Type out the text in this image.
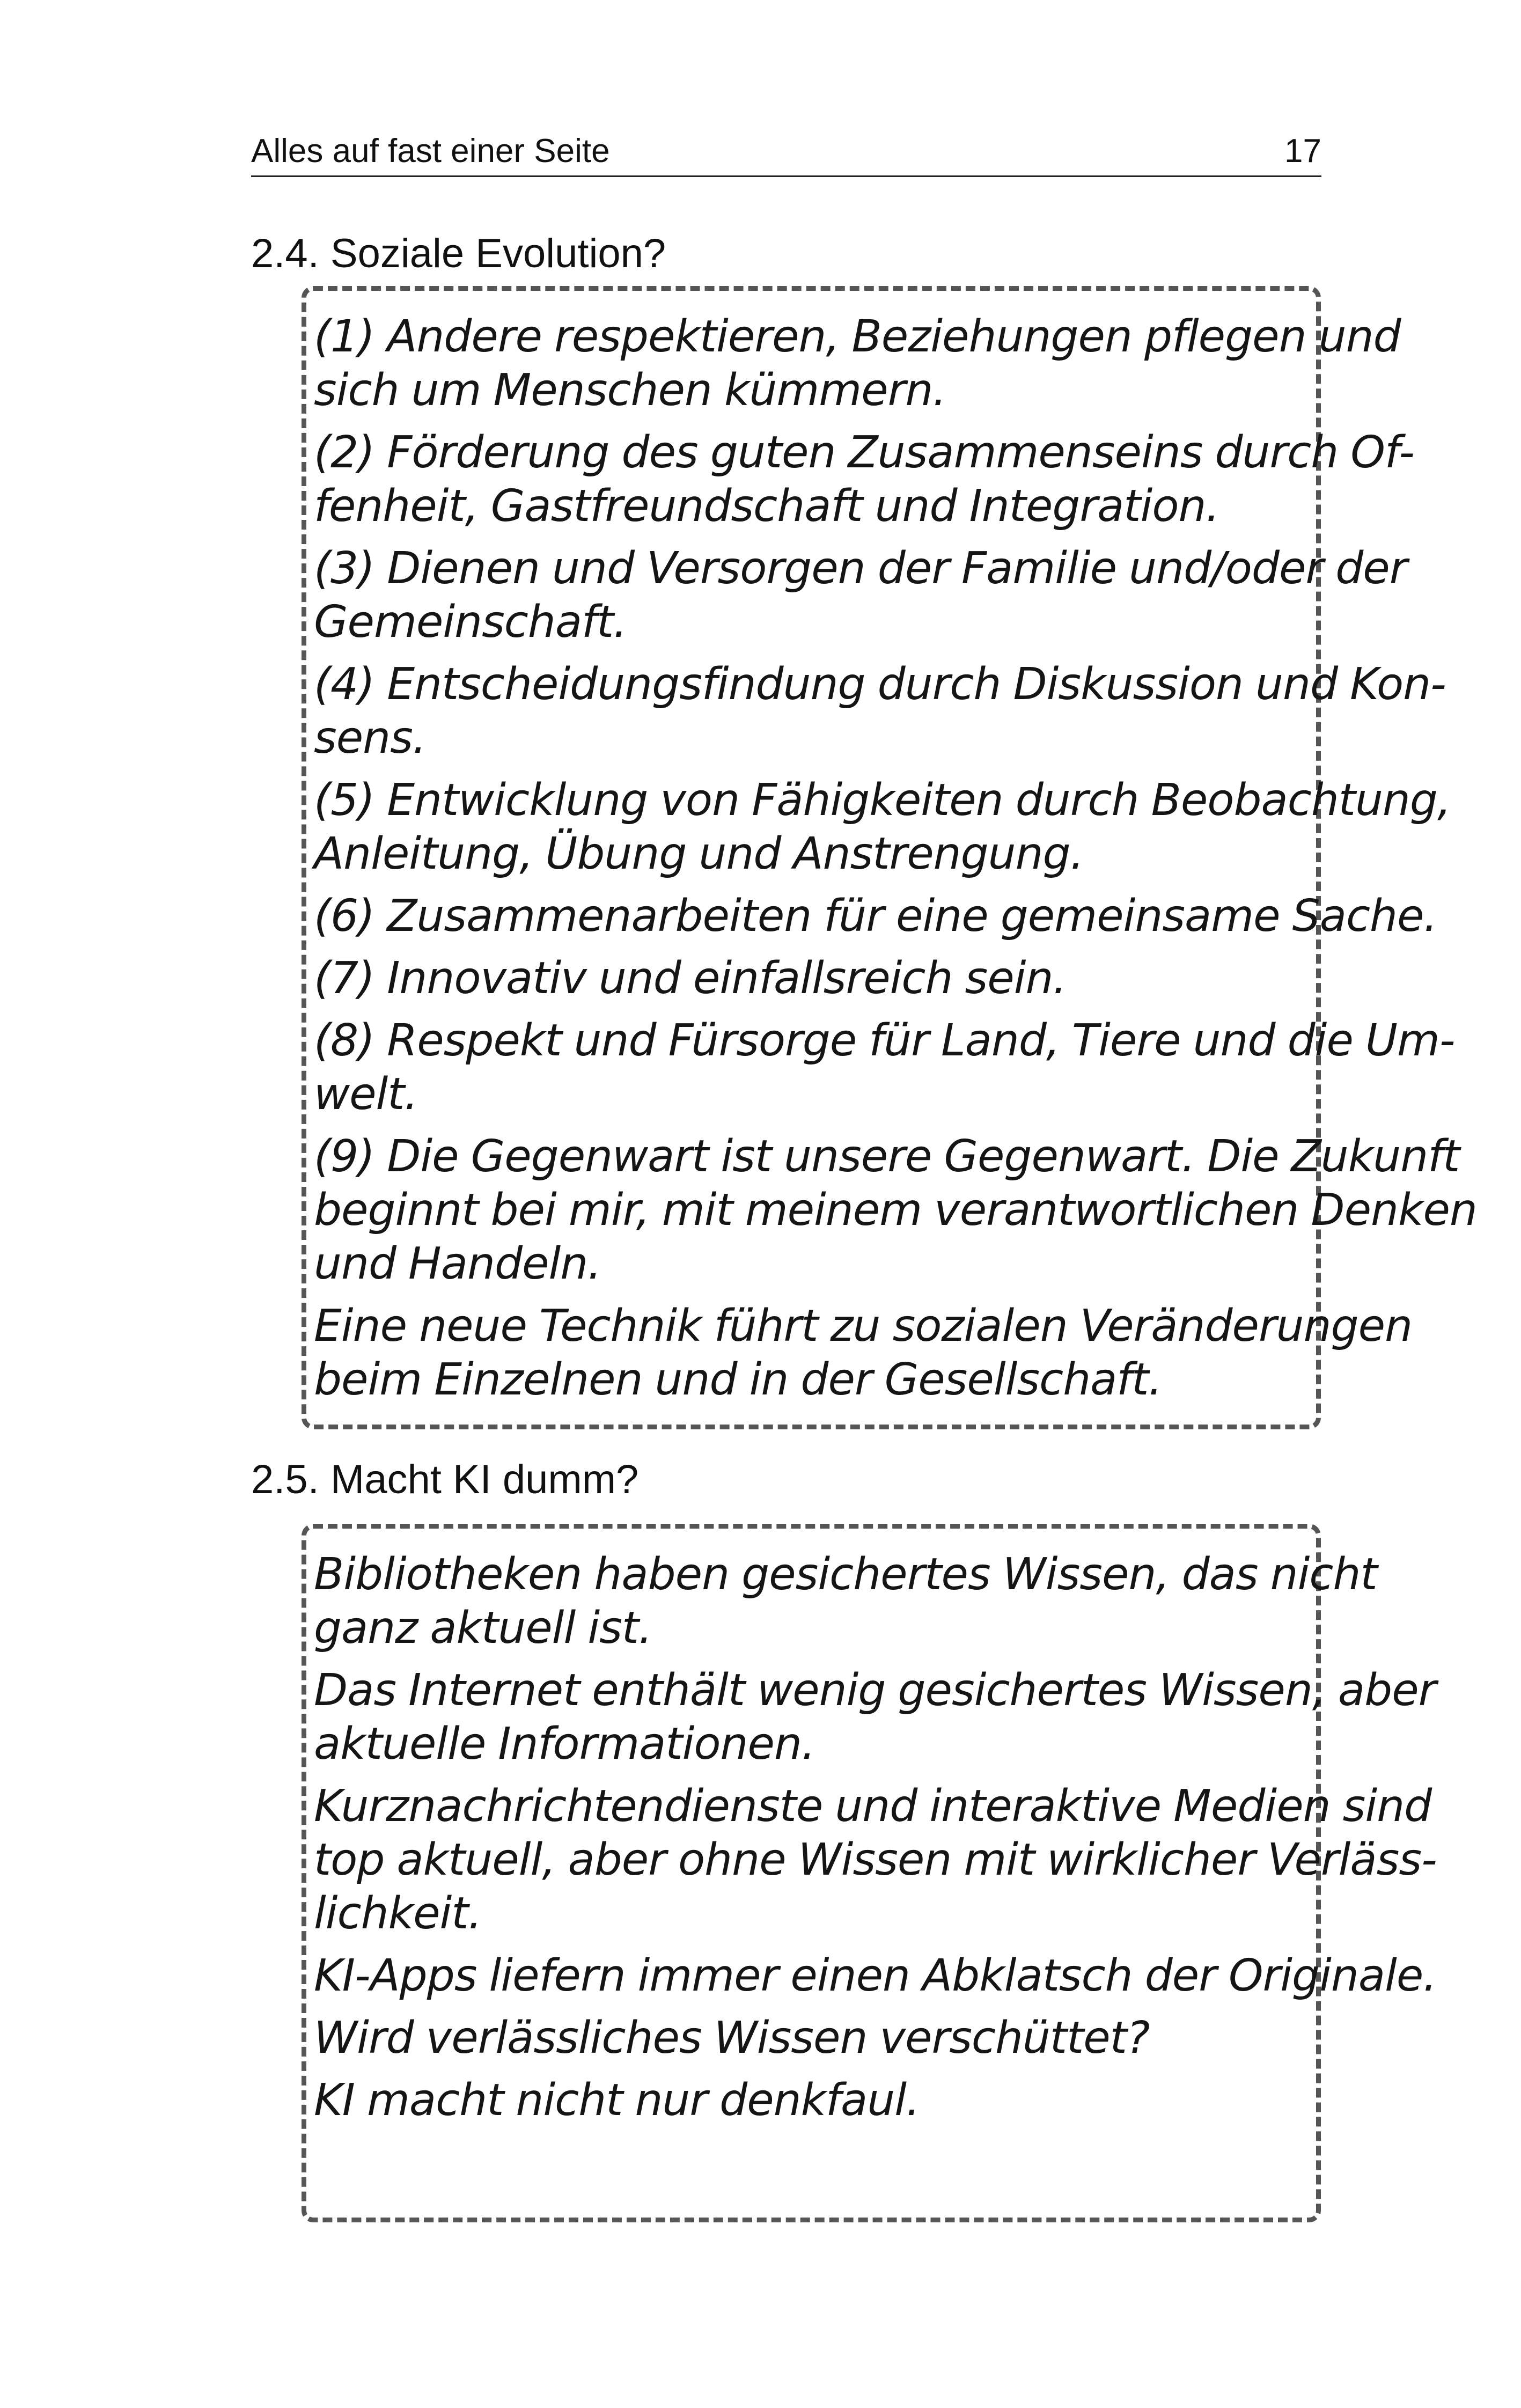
Alles auf fast einer Seite	17
2.4. Soziale Evolution?
(1) Andere respektieren, Beziehungen pflegen und
sich um Menschen kümmern.
(2) Förderung des guten Zusammenseins durch Of-
fenheit, Gastfreundschaft und Integration.
(3) Dienen und Versorgen der Familie und/oder der
Gemeinschaft.
(4) Entscheidungsfindung durch Diskussion und Kon-
sens.
(5) Entwicklung von Fähigkeiten durch Beobachtung,
Anleitung, Übung und Anstrengung.
(6) Zusammenarbeiten für eine gemeinsame Sache.
(7) Innovativ und einfallsreich sein.
(8) Respekt und Fürsorge für Land, Tiere und die Um-
welt.
(9) Die Gegenwart ist unsere Gegenwart. Die Zukunft
beginnt bei mir, mit meinem verantwortlichen Denken
und Handeln.
Eine neue Technik führt zu sozialen Veränderungen
beim Einzelnen und in der Gesellschaft.
2.5. Macht KI dumm?
Bibliotheken haben gesichertes Wissen, das nicht
ganz aktuell ist.
Das Internet enthält wenig gesichertes Wissen, aber
aktuelle Informationen.
Kurznachrichtendienste und interaktive Medien sind
top aktuell, aber ohne Wissen mit wirklicher Verläss-
lichkeit.
KI-Apps liefern immer einen Abklatsch der Originale.
Wird verlässliches Wissen verschüttet?
KI macht nicht nur denkfaul.
